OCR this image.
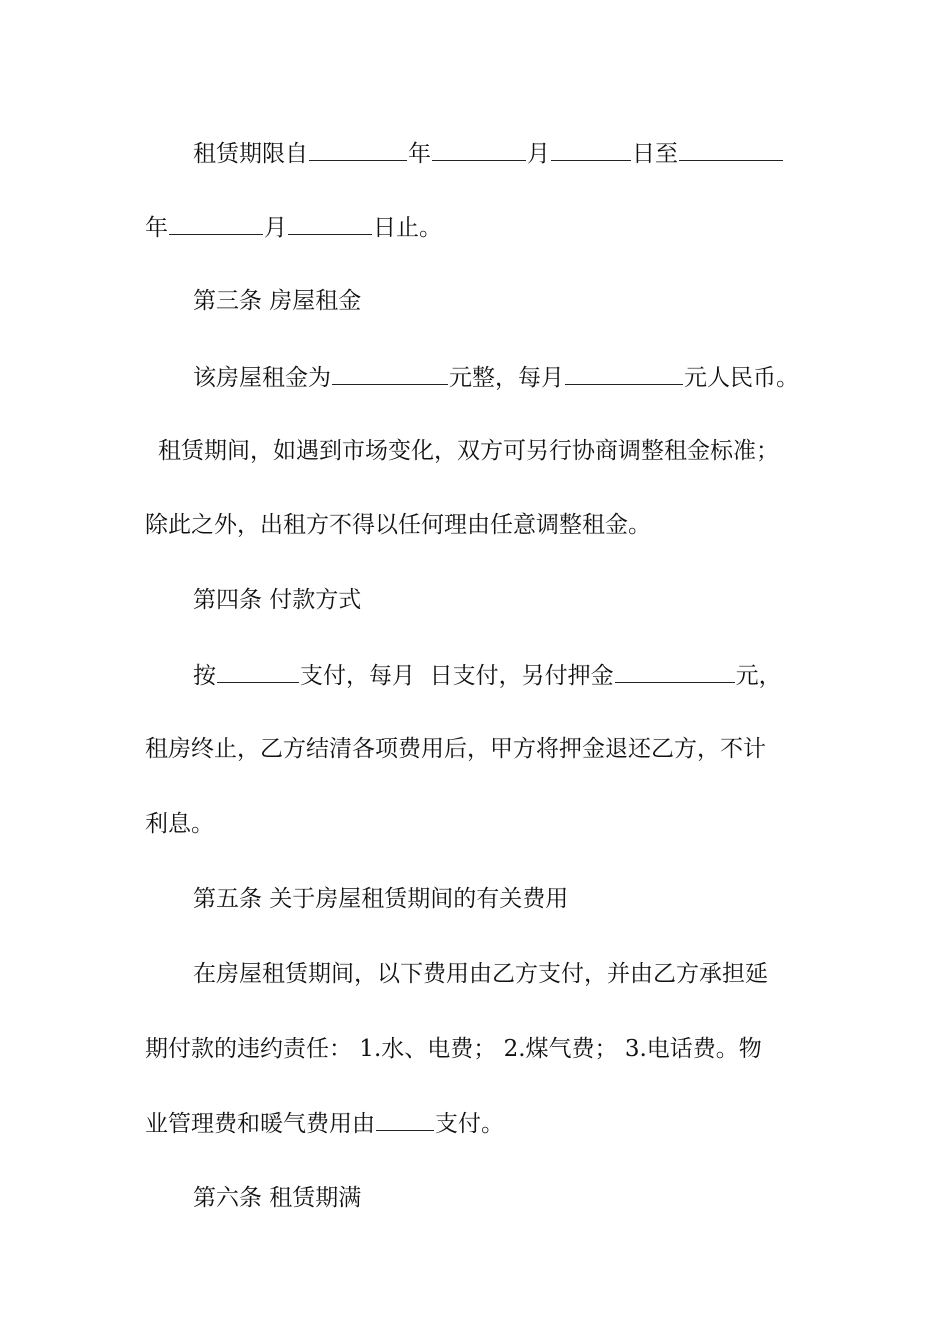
租赁期限自	年	月	日至
年	月	日止。
第三条 房屋租金
该房屋租金为	元整，每月	元人民币。
租赁期间，如遇到市场变化，双方可另行协商调整租金标准；
除此之外，出租方不得以任何理由任意调整租金。
第四条 付款方式
按	支付，每月  日支付，另付押金	元，
租房终止，乙方结清各项费用后，甲方将押金退还乙方，不计
利息。
第五条 关于房屋租赁期间的有关费用
在房屋租赁期间，以下费用由乙方支付，并由乙方承担延
期付款的违约责任： 1.水、电费； 2.煤气费； 3.电话费。物
业管理费和暖气费用由	支付。
第六条 租赁期满
